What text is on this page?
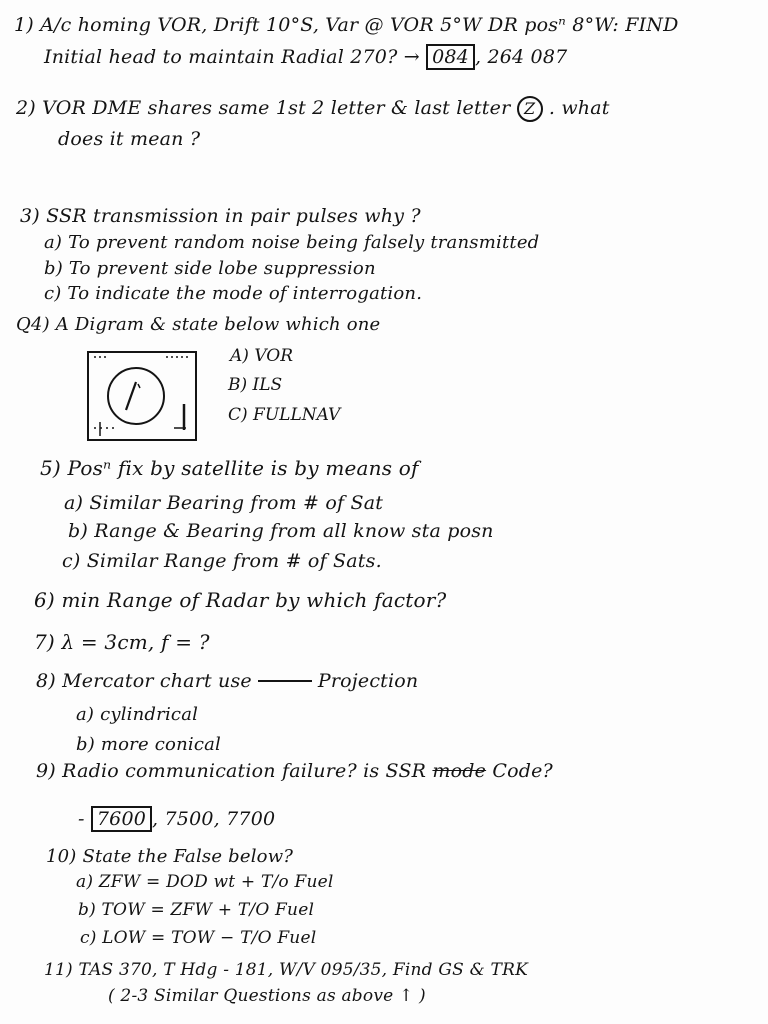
1) A/c homing VOR, Drift 10°S, Var @ VOR 5°W DR posⁿ 8°W: FIND
Initial head to maintain Radial 270? → 084 , 264 087
2) VOR DME shares same 1st 2 letter & last letter Z . what
does it mean ?
3) SSR transmission in pair pulses why ?
a) To prevent random noise being falsely transmitted
b) To prevent side lobe suppression
c) To indicate the mode of interrogation.
Q4) A Digram & state below which one
A) VOR
B) ILS
C) FULLNAV
5) Posⁿ fix by satellite is by means of
a) Similar Bearing from # of Sat
b) Range & Bearing from all know sta posn
c) Similar Range from # of Sats.
6) min Range of Radar by which factor?
7) λ = 3cm, f = ?
8) Mercator chart use	Projection
a) cylindrical
b) more conical
9) Radio communication failure? is SSR mode Code?
- 7600 , 7500, 7700
10) State the False below?
a) ZFW = DOD wt + T/o Fuel
b) TOW = ZFW + T/O Fuel
c) LOW = TOW − T/O Fuel
11) TAS 370, T Hdg - 181, W/V 095/35, Find GS & TRK
( 2-3 Similar Questions as above ↑ )
